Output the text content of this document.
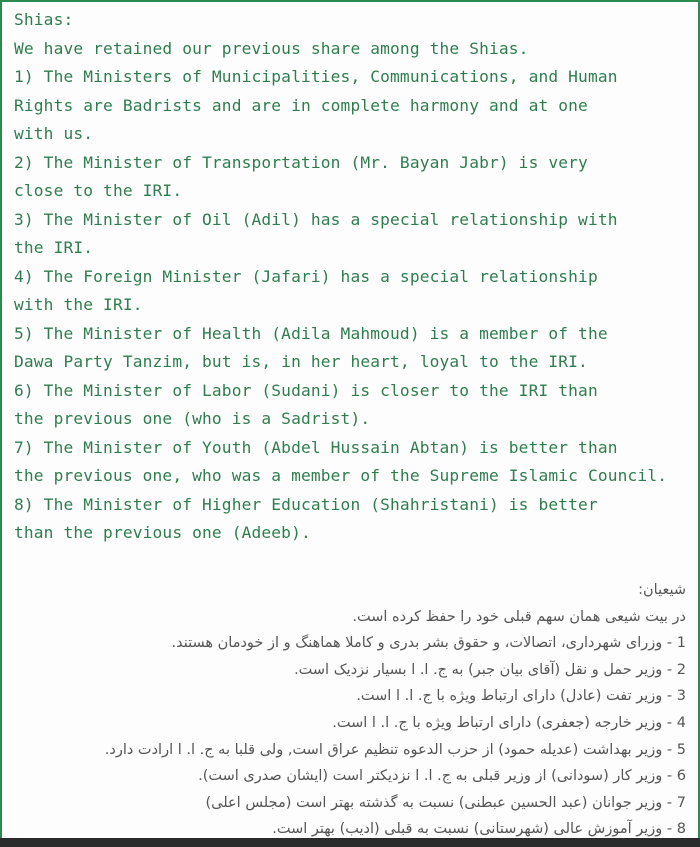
Shias:

We have retained our previous share among the Shias.

1) The Ministers of Municipalities, Communications, and Human

Rights are Badrists and are in complete harmony and at one

with us.

2) The Minister of Transportation (Mr. Bayan Jabr) is very

close to the IRI.

3) The Minister of Oil (Adil) has a special relationship with

the IRI.

4) The Foreign Minister (Jafari) has a special relationship

with the IRI.

5) The Minister of Health (Adila Mahmoud) is a member of the

Dawa Party Tanzim, but is, in her heart, loyal to the IRI.

6) The Minister of Labor (Sudani) is closer to the IRI than

the previous one (who is a Sadrist).

7) The Minister of Youth (Abdel Hussain Abtan) is better than

the previous one, who was a member of the Supreme Islamic Council.

8) The Minister of Higher Education (Shahristani) is better

than the previous one (Adeeb).

شیعیان:

در بیت شیعی همان سهم قبلی خود را حفظ کرده است.

1 - وزرای شهرداری، اتصالات، و حقوق بشر بدری و کاملا هماهنگ و از خودمان هستند.

2 - وزیر حمل و نقل (آقای بیان جبر) به ج. ا. ا بسیار نزدیک است.

3 - وزیر تفت (عادل) دارای ارتباط ویژه با ج. ا. ا است.

4 - وزیر خارجه (جعفری) دارای ارتباط ویژه با ج. ا. ا است.

5 - وزیر بهداشت (عدیله حمود) از حزب الدعوه تنظیم عراق است, ولی قلبا به ج. ا. ا ارادت دارد.

6 - وزیر کار (سودانی) از وزیر قبلی به ج. ا. ا نزدیکتر است (ایشان صدری است).

7 - وزیر جوانان (عبد الحسین عبطنی) نسبت به گذشته بهتر است (مجلس اعلی)

8 - وزیر آموزش عالی (شهرستانی) نسبت به قبلی (ادیب) بهتر است.
